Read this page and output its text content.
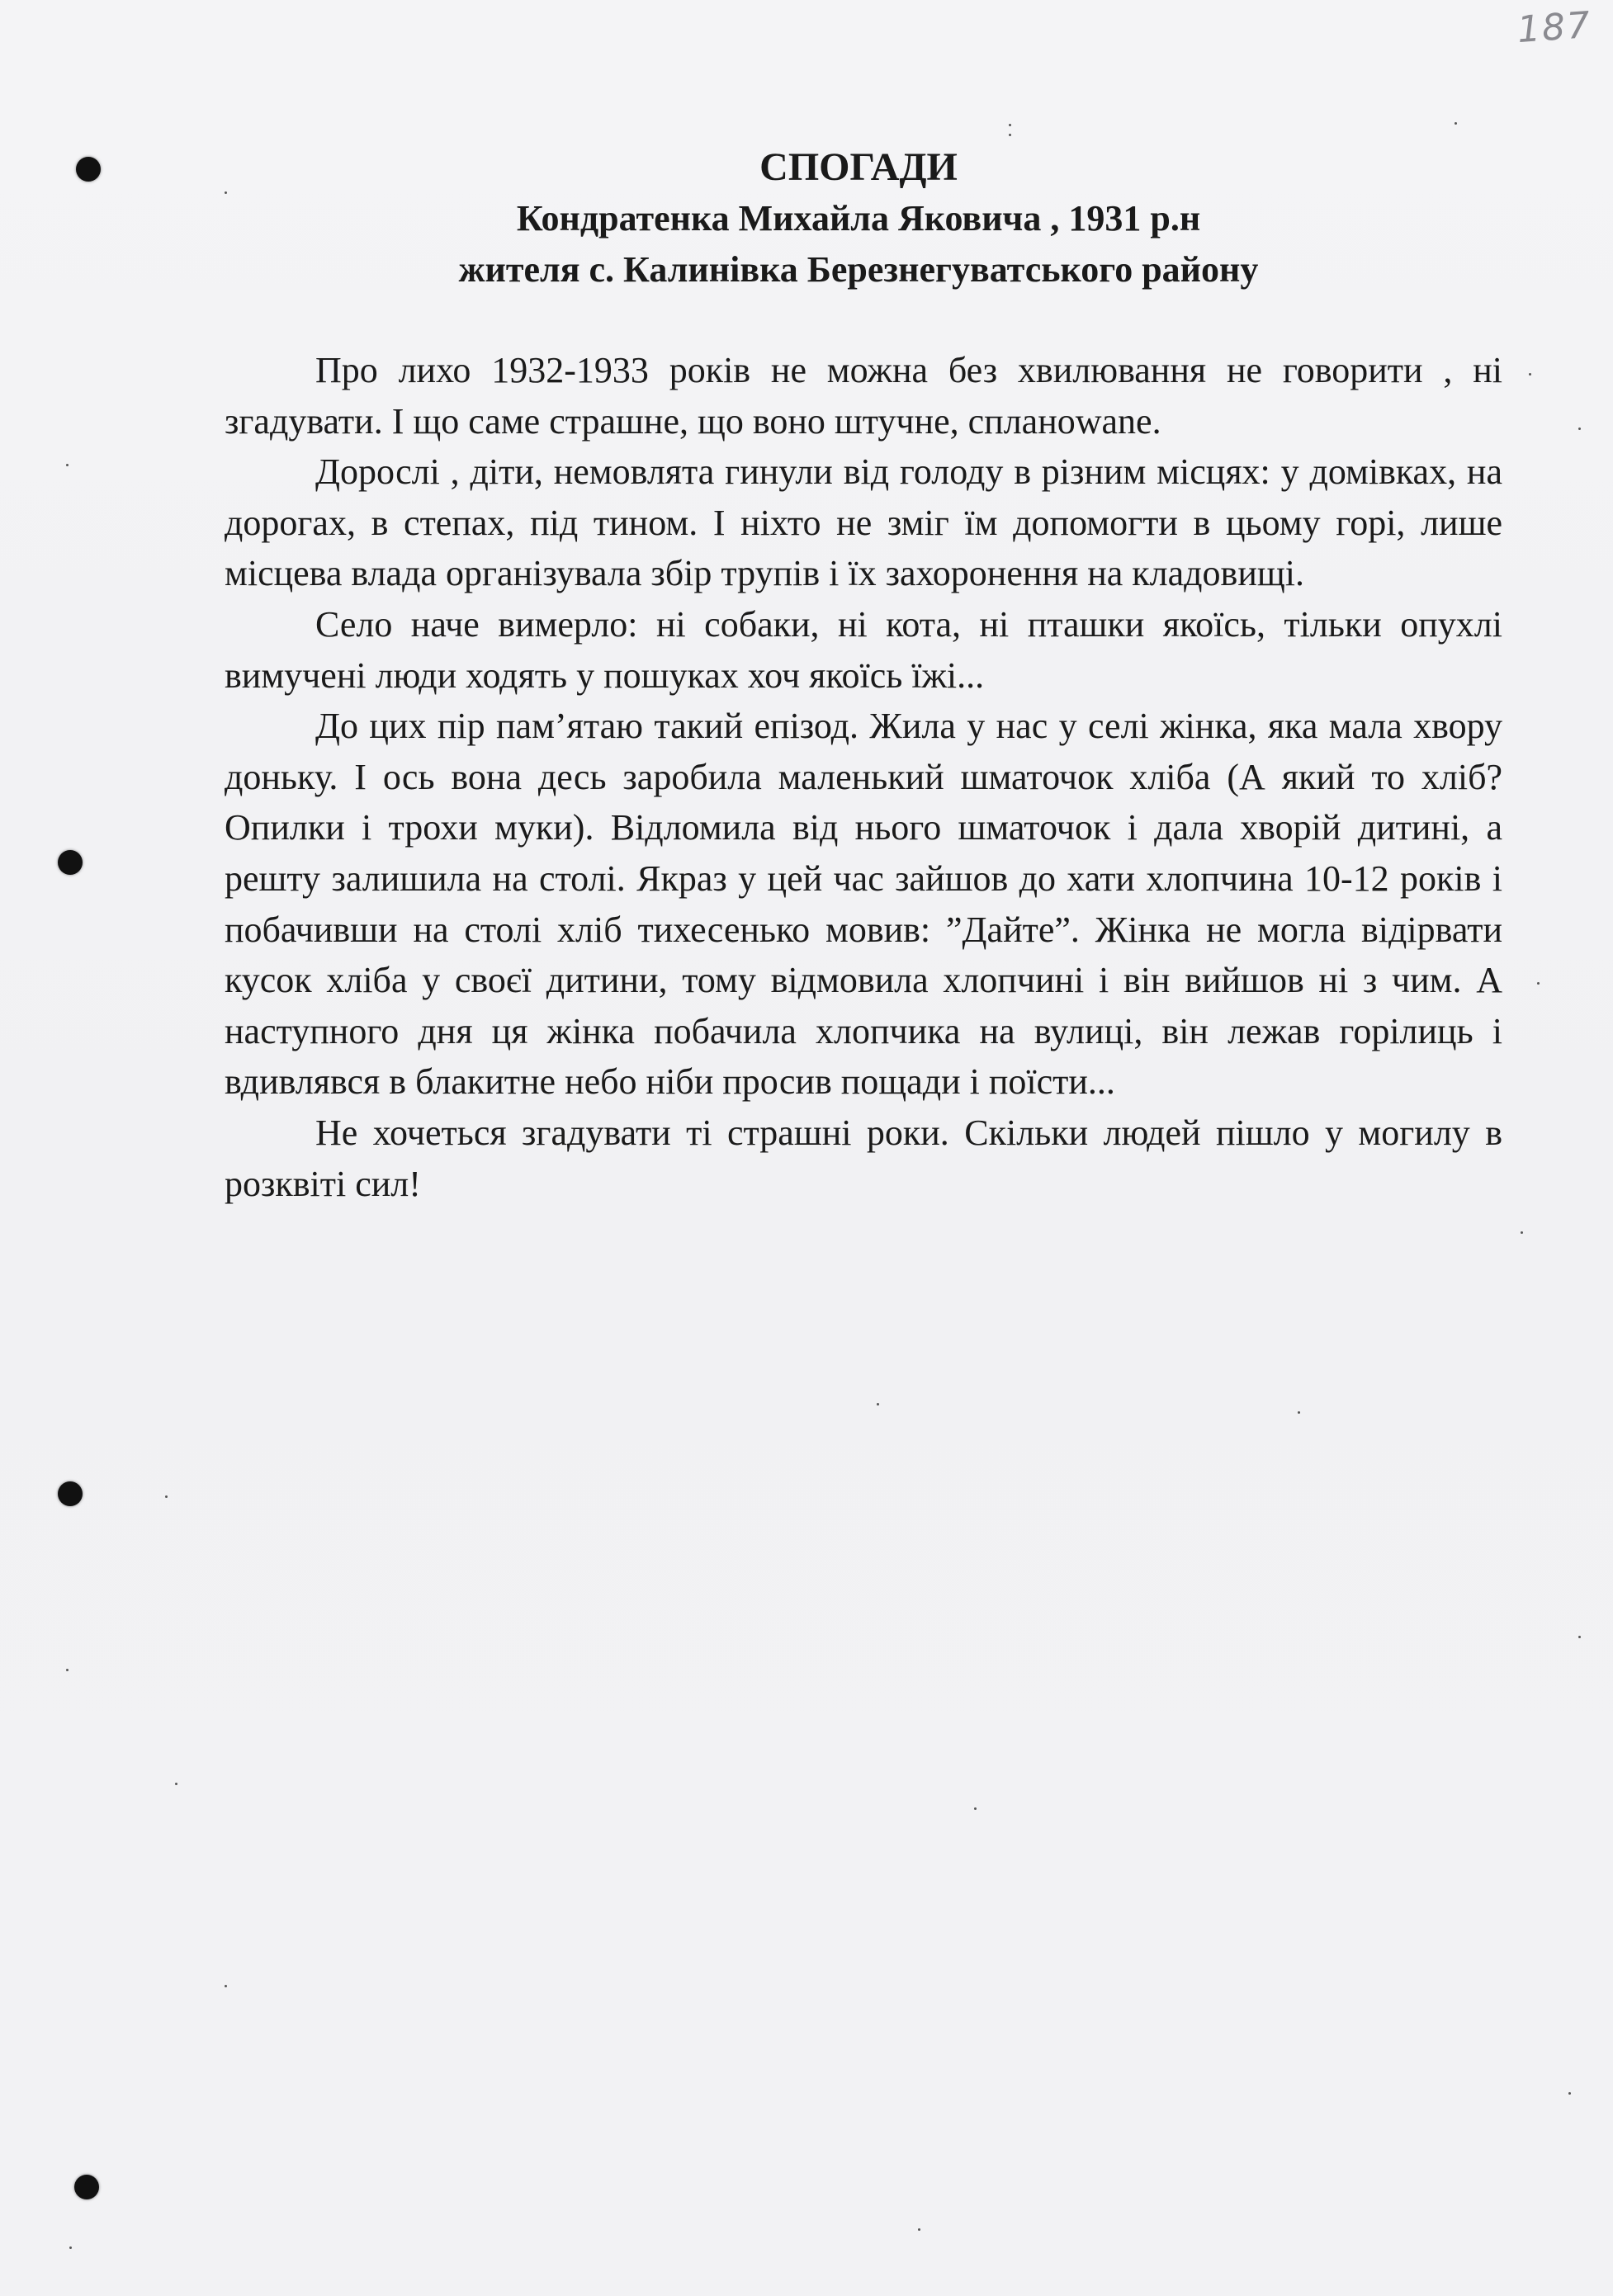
187
СПОГАДИ
Кондратенка Михайла Яковича , 1931 р.н
жителя с. Калинівка Березнегуватського району

Про лихо 1932-1933 років не можна без хвилювання не говорити , ні згадувати. І що саме страшне, що воно штучне, спланowane.

Дорослі , діти, немовлята гинули від голоду в різним місцях: у домівках, на дорогах, в степах, під тином. І ніхто не зміг їм допомогти в цьому горі, лише місцева влада організувала збір трупів і їх захоронення на кладовищі.

Село наче вимерло: ні собаки, ні кота, ні пташки якоїсь, тільки опухлі вимучені люди ходять у пошуках хоч якоїсь їжі...

До цих пір пам’ятаю такий епізод. Жила у нас у селі жінка, яка мала хвору доньку. І ось вона десь заробила маленький шматочок хліба (А який то хліб? Опилки і трохи муки). Відломила від нього шматочок і дала хворій дитині, а решту залишила на столі. Якраз у цей час зайшов до хати хлопчина 10-12 років і побачивши на столі хліб тихесенько мовив: ”Дайте”. Жінка не могла відірвати кусок хліба у своєї дитини, тому відмовила хлопчині і він вийшов ні з чим. А наступного дня ця жінка побачила хлопчика на вулиці, він лежав горілиць і вдивлявся в блакитне небо ніби просив пощади і поїсти...

Не хочеться згадувати ті страшні роки. Скільки людей пішло у могилу в розквіті сил!
